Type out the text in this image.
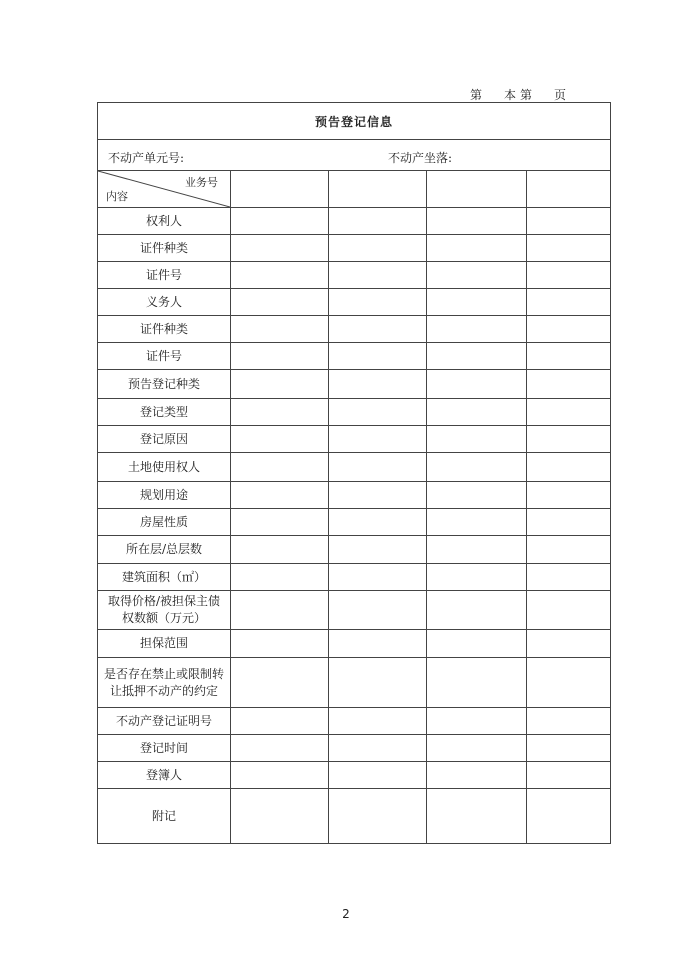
第 本 第 页
预告登记信息				

不动产单元号: 不动产坐落:				

业务号
内容				

权利人				
证件种类				
证件号				
义务人				
证件种类				
证件号				
预告登记种类				
登记类型				
登记原因				
土地使用权人				
规划用途				
房屋性质				
所在层/总层数				
建筑面积（㎡）				
取得价格/被担保主债权数额（万元）				
担保范围				
是否存在禁止或限制转让抵押不动产的约定				
不动产登记证明号				
登记时间				
登簿人				
附记				
2
